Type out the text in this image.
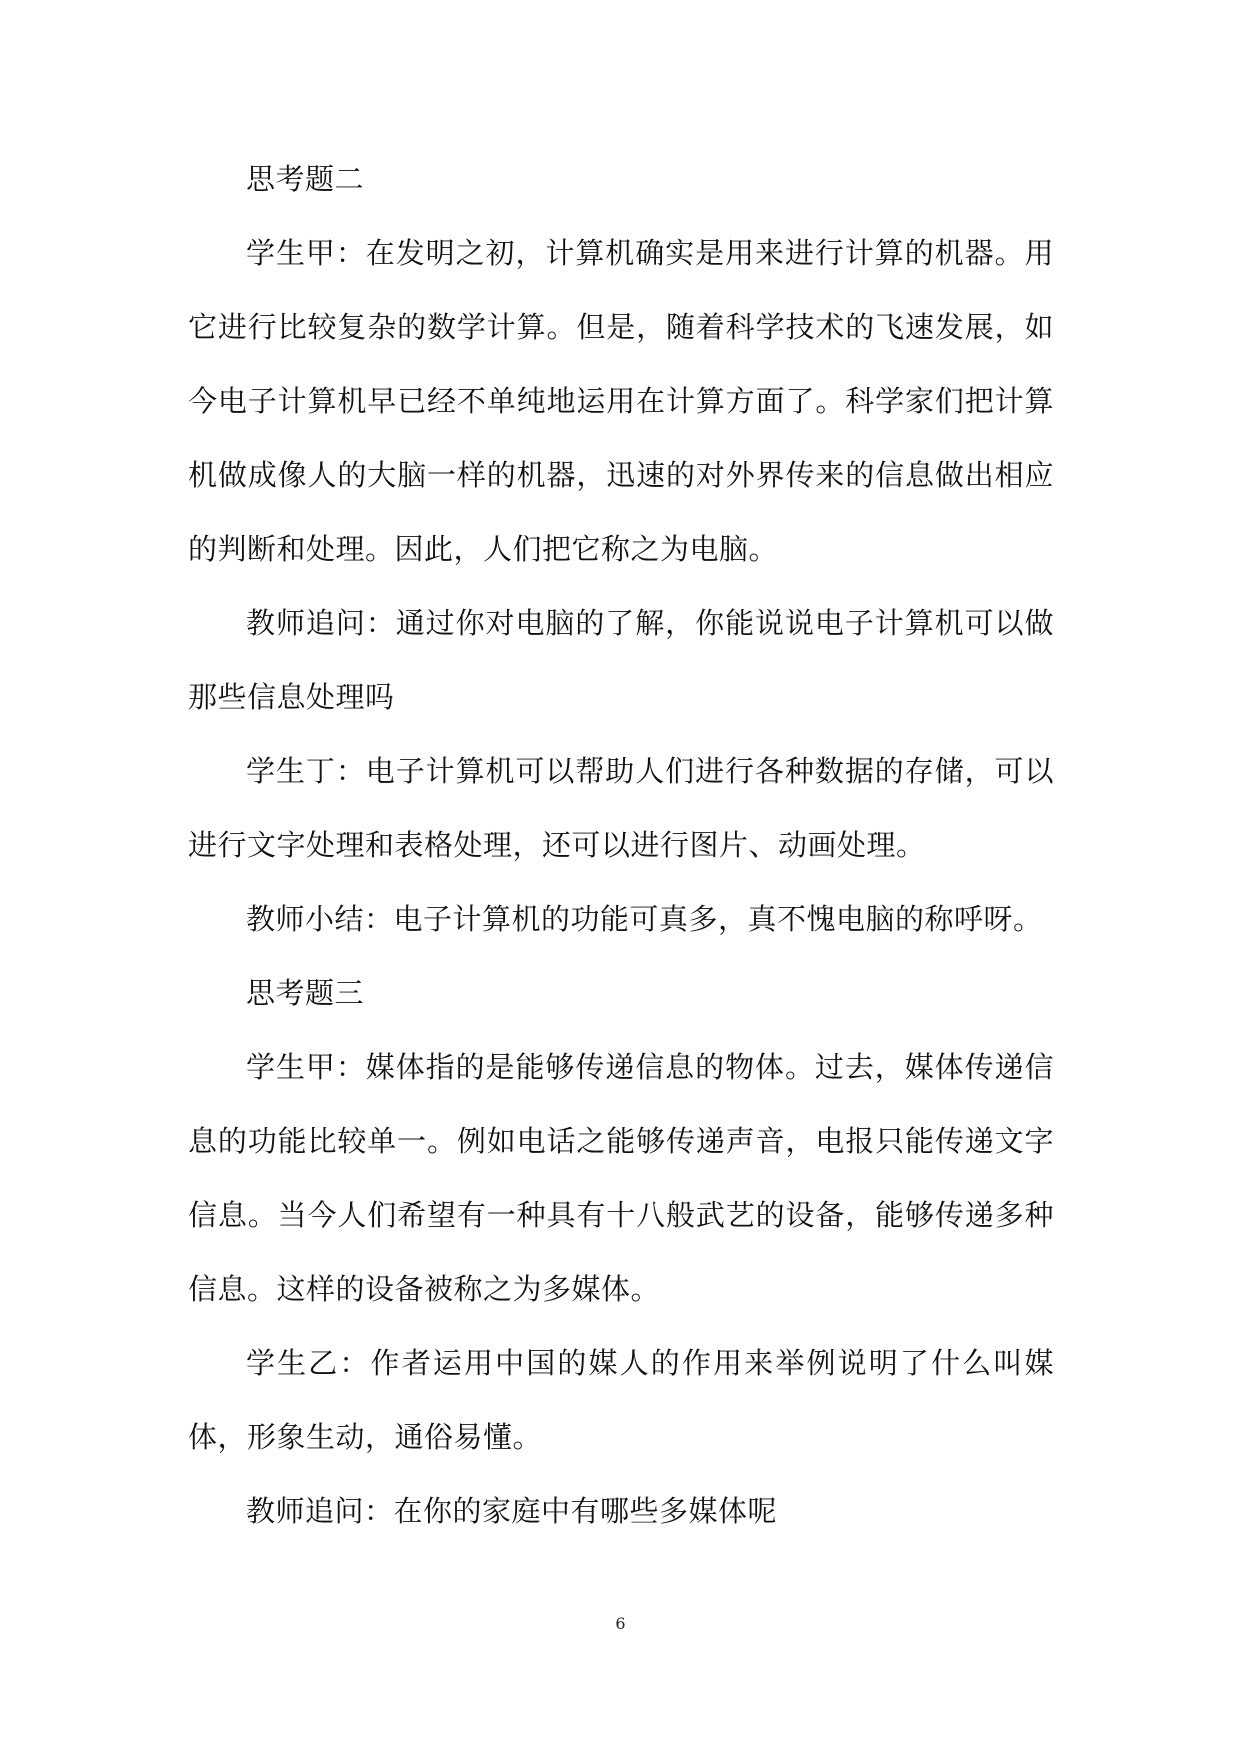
思考题二

学生甲：在发明之初，计算机确实是用来进行计算的机器。用它进行比较复杂的数学计算。但是，随着科学技术的飞速发展，如今电子计算机早已经不单纯地运用在计算方面了。科学家们把计算机做成像人的大脑一样的机器，迅速的对外界传来的信息做出相应的判断和处理。因此，人们把它称之为电脑。

教师追问：通过你对电脑的了解，你能说说电子计算机可以做那些信息处理吗

学生丁：电子计算机可以帮助人们进行各种数据的存储，可以进行文字处理和表格处理，还可以进行图片、动画处理。

教师小结：电子计算机的功能可真多，真不愧电脑的称呼呀。

思考题三

学生甲：媒体指的是能够传递信息的物体。过去，媒体传递信息的功能比较单一。例如电话之能够传递声音，电报只能传递文字信息。当今人们希望有一种具有十八般武艺的设备，能够传递多种信息。这样的设备被称之为多媒体。

学生乙：作者运用中国的媒人的作用来举例说明了什么叫媒体，形象生动，通俗易懂。

教师追问：在你的家庭中有哪些多媒体呢

6
